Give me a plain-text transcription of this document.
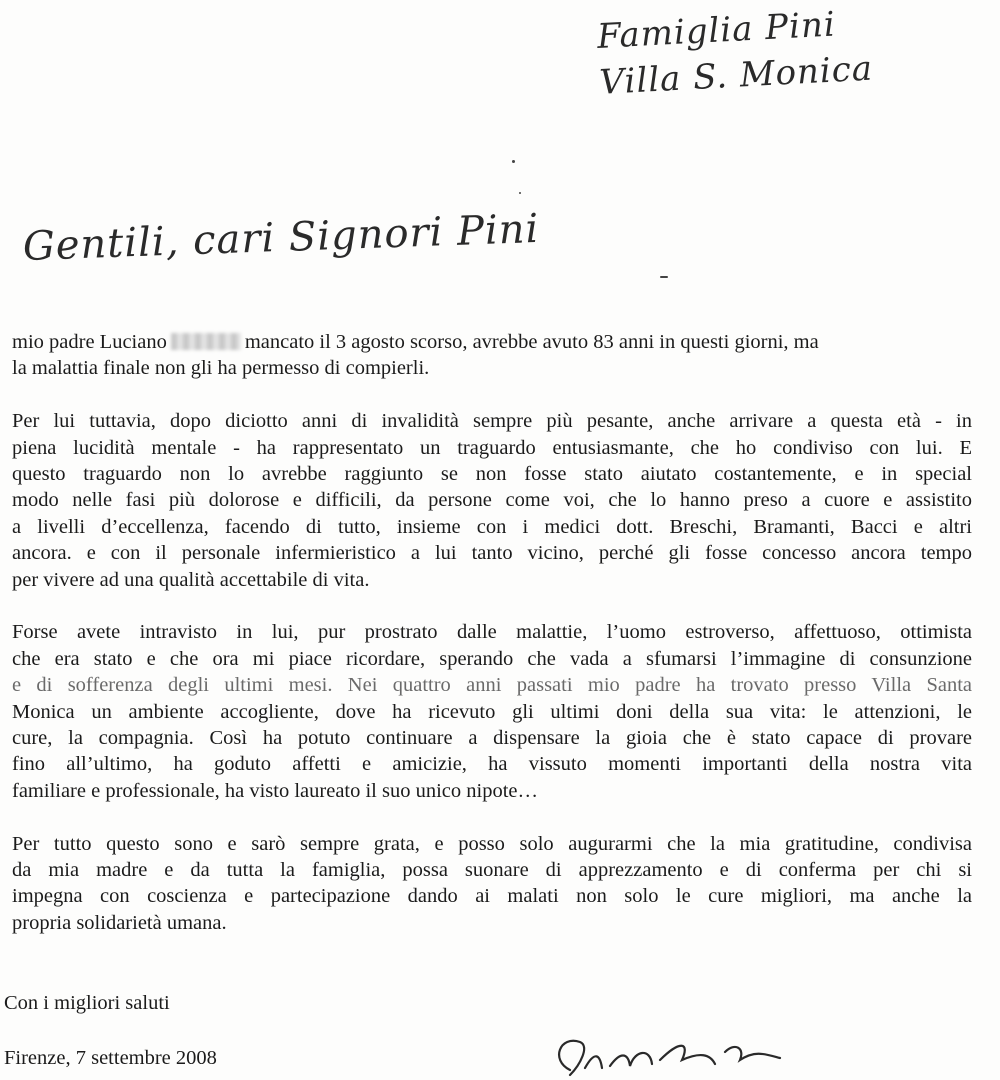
Famiglia Pini
Villa S. Monica
Gentili, cari Signori Pini

mio padre Luciano	mancato il 3 agosto scorso, avrebbe avuto 83 anni in questi giorni, ma
la malattia finale non gli ha permesso di compierli.

Per lui tuttavia, dopo diciotto anni di invalidità sempre più pesante, anche arrivare a questa età - in
piena lucidità mentale - ha rappresentato un traguardo entusiasmante, che ho condiviso con lui. E
questo traguardo non lo avrebbe raggiunto se non fosse stato aiutato costantemente, e in special
modo nelle fasi più dolorose e difficili, da persone come voi, che lo hanno preso a cuore e assistito
a livelli d’eccellenza, facendo di tutto, insieme con i medici dott. Breschi, Bramanti, Bacci e altri
ancora. e con il personale infermieristico a lui tanto vicino, perché gli fosse concesso ancora tempo
per vivere ad una qualità accettabile di vita.

Forse avete intravisto in lui, pur prostrato dalle malattie, l’uomo estroverso, affettuoso, ottimista
che era stato e che ora mi piace ricordare, sperando che vada a sfumarsi l’immagine di consunzione
e di sofferenza degli ultimi mesi. Nei quattro anni passati mio padre ha trovato presso Villa Santa
Monica un ambiente accogliente, dove ha ricevuto gli ultimi doni della sua vita: le attenzioni, le
cure, la compagnia. Così ha potuto continuare a dispensare la gioia che è stato capace di provare
fino all’ultimo, ha goduto affetti e amicizie, ha vissuto momenti importanti della nostra vita
familiare e professionale, ha visto laureato il suo unico nipote…

Per tutto questo sono e sarò sempre grata, e posso solo augurarmi che la mia gratitudine, condivisa
da mia madre e da tutta la famiglia, possa suonare di apprezzamento e di conferma per chi si
impegna con coscienza e partecipazione dando ai malati non solo le cure migliori, ma anche la
propria solidarietà umana.

Con i migliori saluti
Firenze, 7 settembre 2008
